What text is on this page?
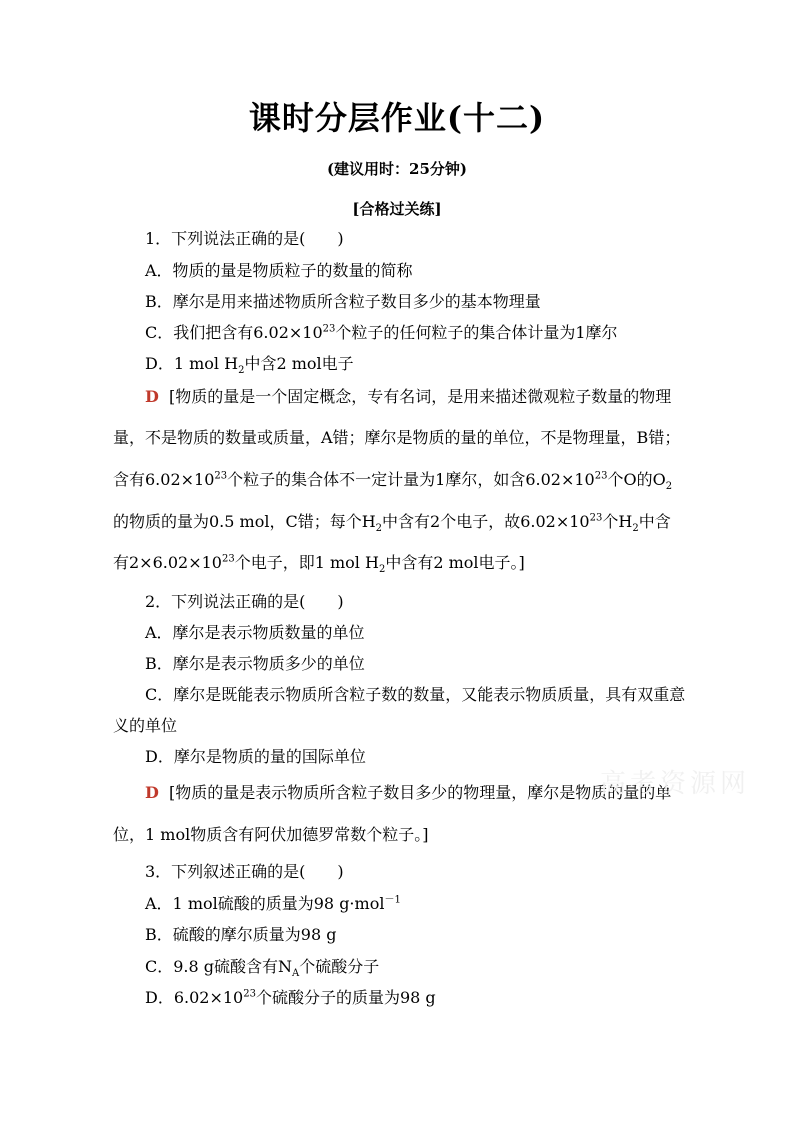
课时分层作业(十二)
(建议用时：25分钟)
[合格过关练]
1．下列说法正确的是(　　)
A．物质的量是物质粒子的数量的简称
B．摩尔是用来描述物质所含粒子数目多少的基本物理量
C．我们把含有$6.02\times 10^{23}$个粒子的任何粒子的集合体计量为1摩尔
D．1 mol $H_2$中含2 mol电子
D [物质的量是一个固定概念，专有名词，是用来描述微观粒子数量的物理
量，不是物质的数量或质量，A错；摩尔是物质的量的单位，不是物理量，B错；
含有$6.02\times 10^{23}$个粒子的集合体不一定计量为1摩尔，如含$6.02\times 10^{23}$个O的$O_2$
的物质的量为0.5 mol，C错；每个$H_2$中含有2个电子，故$6.02\times 10^{23}$个$H_2$中含
有$2\times 6.02\times 10^{23}$个电子，即1 mol $H_2$中含有2 mol电子。]
2．下列说法正确的是(　　)
A．摩尔是表示物质数量的单位
B．摩尔是表示物质多少的单位
C．摩尔是既能表示物质所含粒子数的数量，又能表示物质质量，具有双重意
义的单位
D．摩尔是物质的量的国际单位
D [物质的量是表示物质所含粒子数目多少的物理量，摩尔是物质的量的单
位，1 mol物质含有阿伏加德罗常数个粒子。]
3．下列叙述正确的是(　　)
A．1 mol硫酸的质量为98 g·mol$^{-1}$
B．硫酸的摩尔质量为98 g
C．9.8 g硫酸含有$N_A$个硫酸分子
D．$6.02\times 10^{23}$个硫酸分子的质量为98 g
高考资源网
